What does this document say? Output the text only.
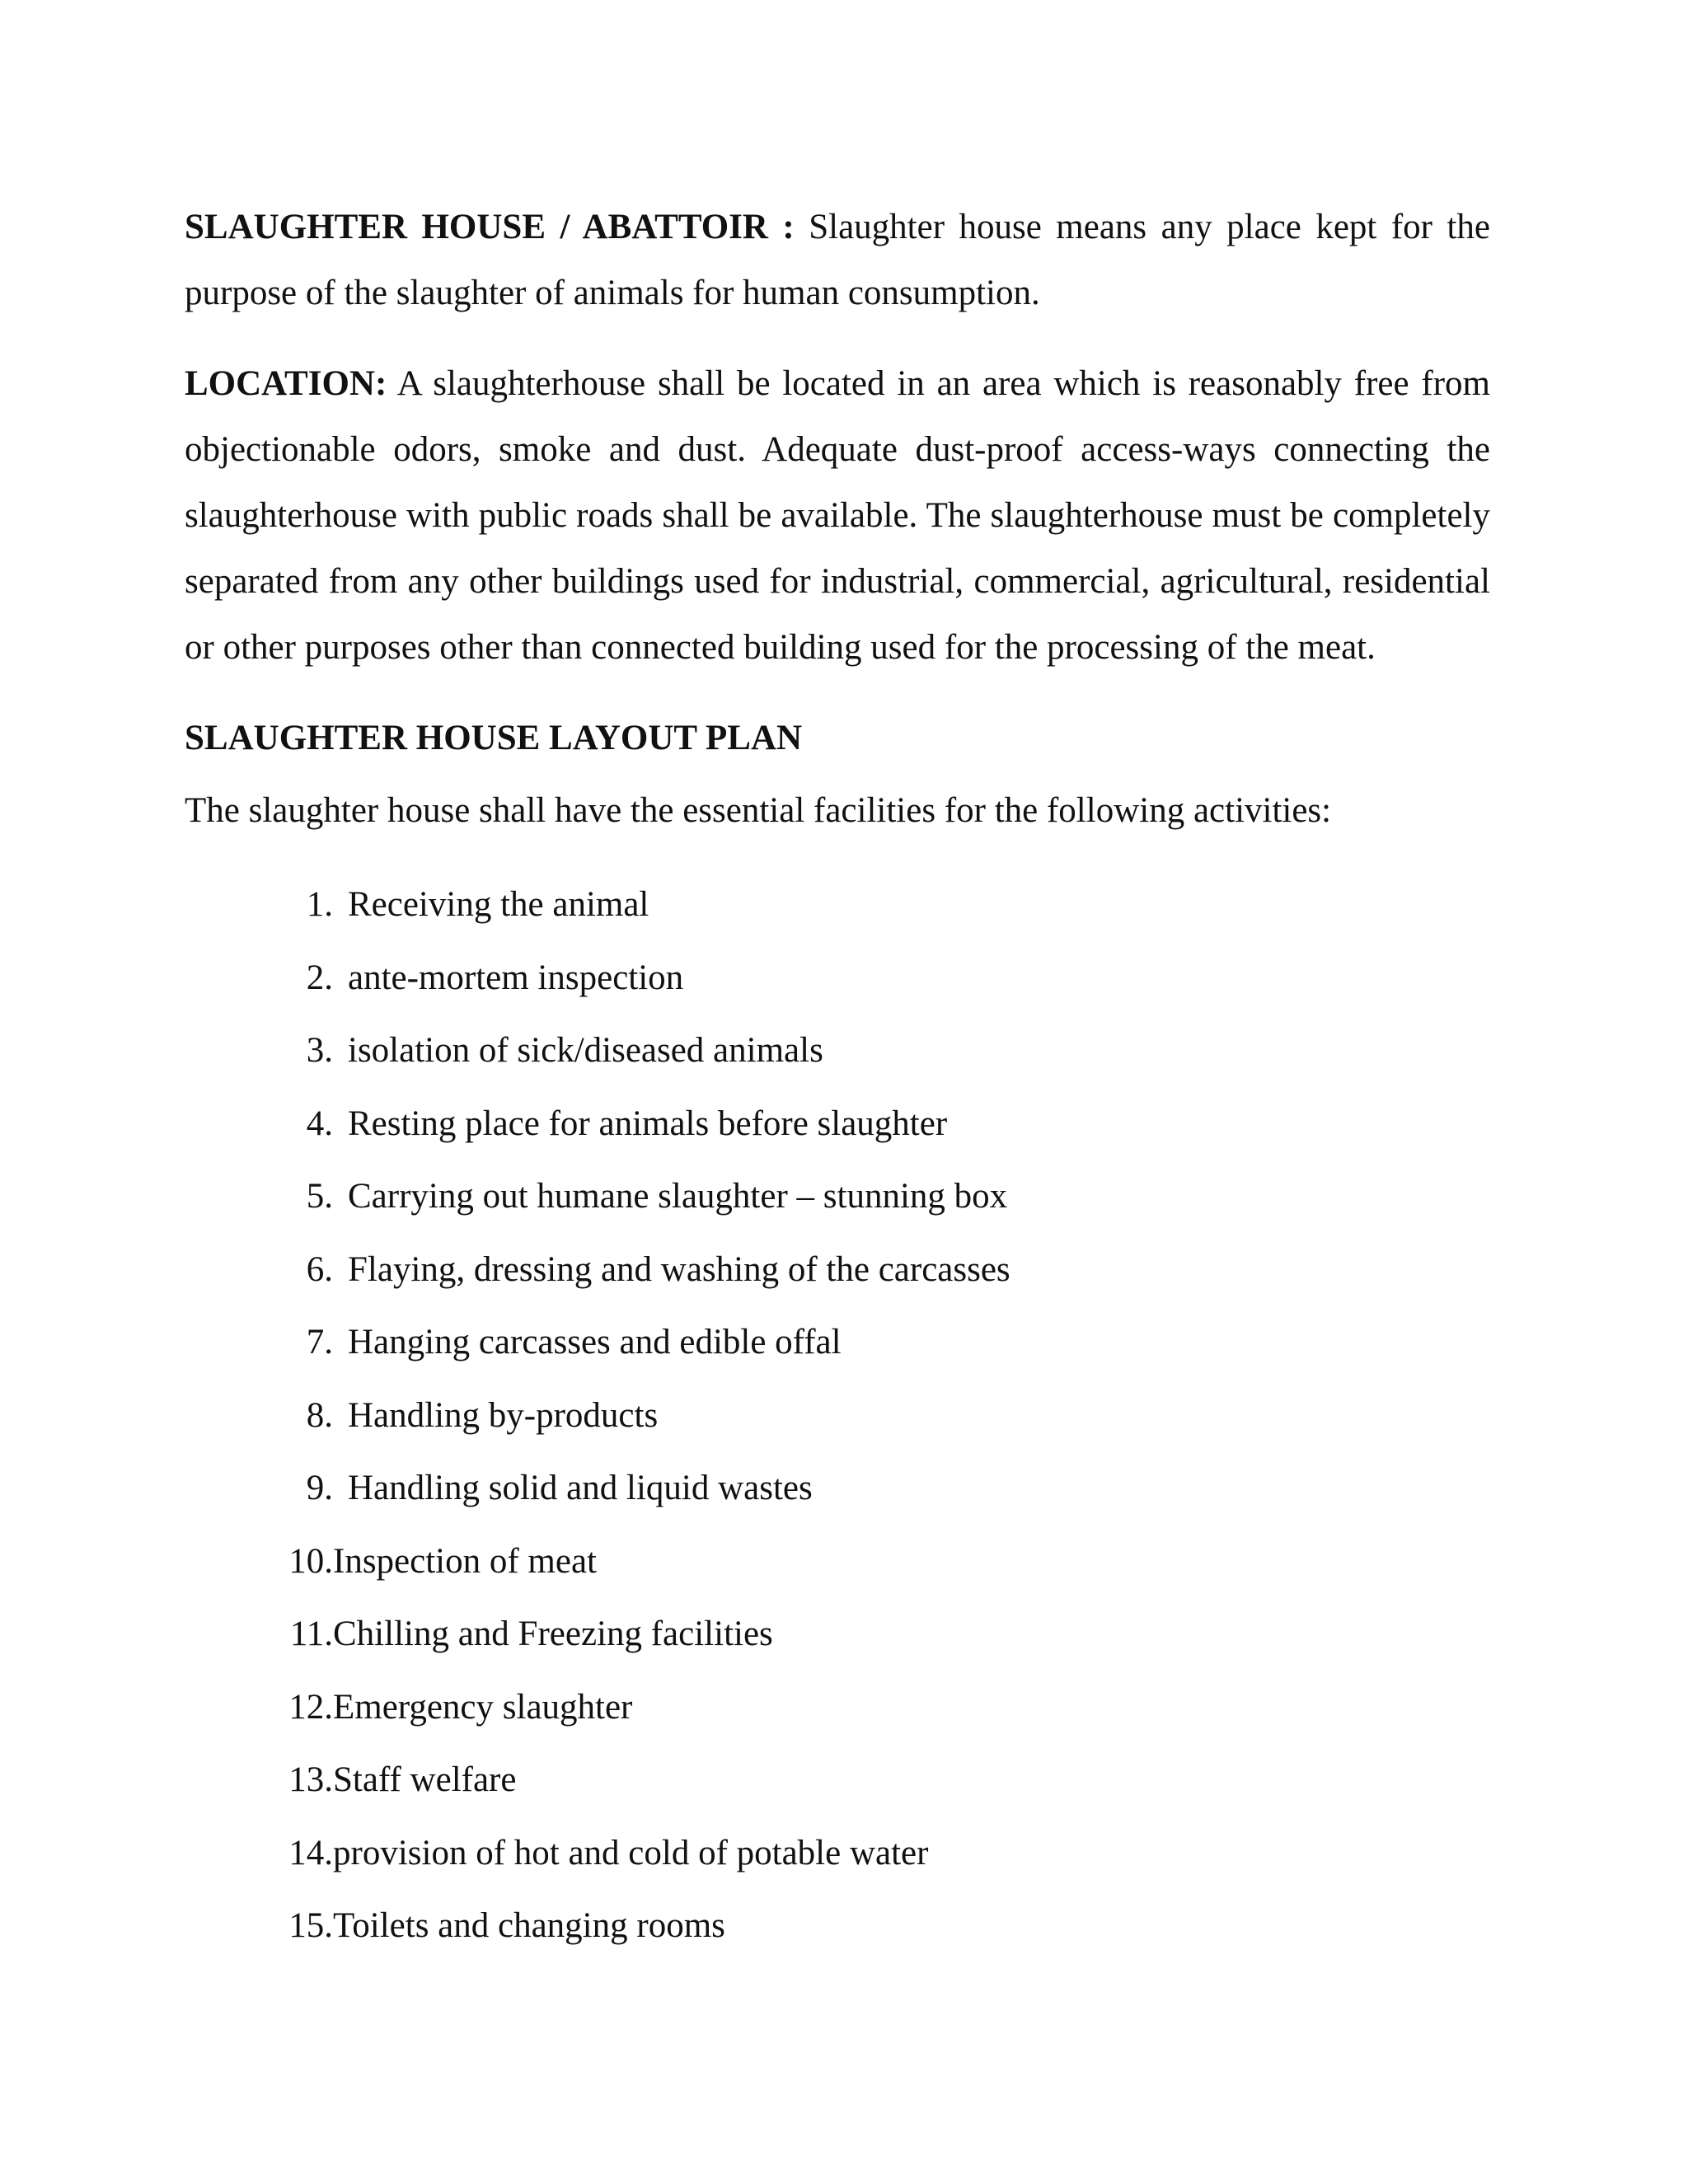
SLAUGHTER HOUSE / ABATTOIR : Slaughter house means any place kept for the purpose of the slaughter of animals for human consumption.

LOCATION: A slaughterhouse shall be located in an area which is reasonably free from objectionable odors, smoke and dust. Adequate dust-proof access-ways connecting the slaughterhouse with public roads shall be available. The slaughterhouse must be completely separated from any other buildings used for industrial, commercial, agricultural, residential or other purposes other than connected building used for the processing of the meat.

SLAUGHTER HOUSE LAYOUT PLAN

The slaughter house shall have the essential facilities for the following activities:

1. Receiving the animal
2. ante-mortem inspection
3. isolation of sick/diseased animals
4. Resting place for animals before slaughter
5. Carrying out humane slaughter – stunning box
6. Flaying, dressing and washing of the carcasses
7. Hanging carcasses and edible offal
8. Handling by-products
9. Handling solid and liquid wastes
10. Inspection of meat
11. Chilling and Freezing facilities
12. Emergency slaughter
13. Staff welfare
14. provision of hot and cold of potable water
15. Toilets and changing rooms
